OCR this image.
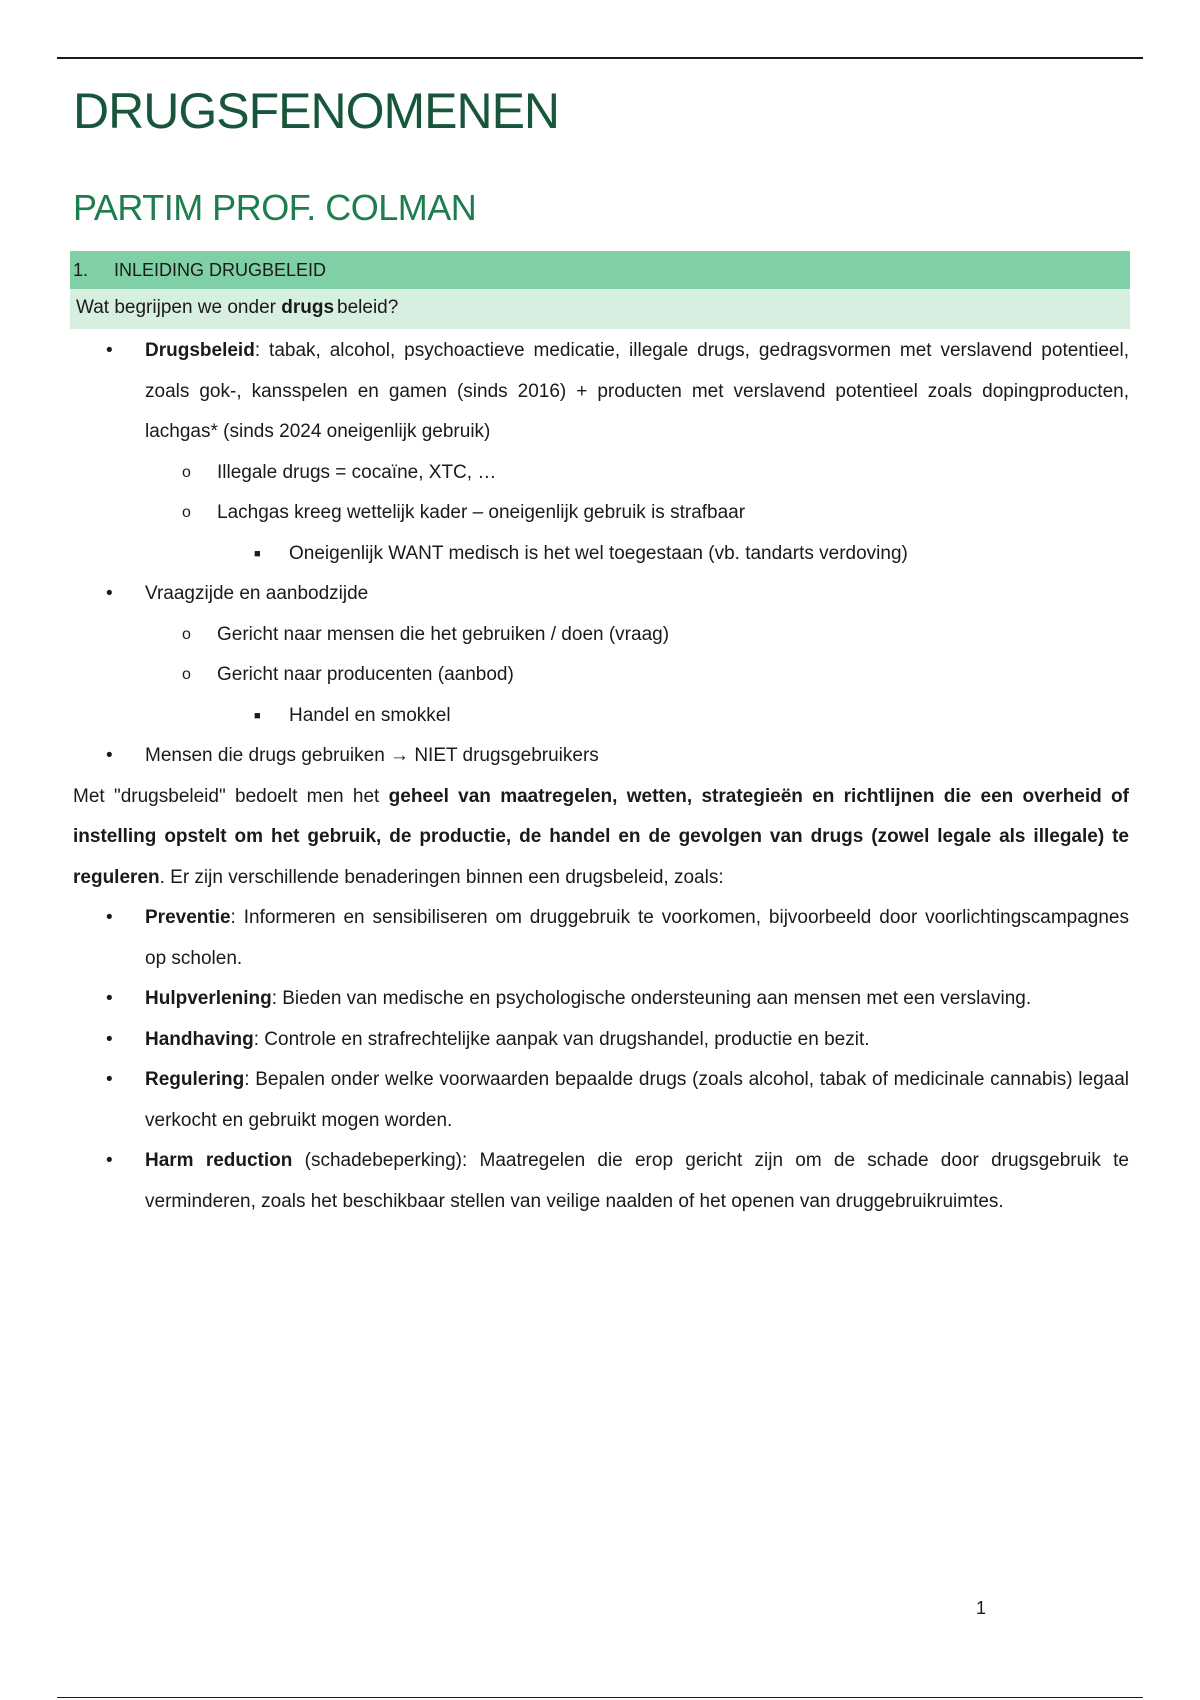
DRUGSFENOMENEN
PARTIM PROF. COLMAN
1. INLEIDING DRUGBELEID
Wat begrijpen we onder drugs beleid?
• Drugsbeleid: tabak, alcohol, psychoactieve medicatie, illegale drugs, gedragsvormen met verslavend potentieel, zoals gok-, kansspelen en gamen (sinds 2016) + producten met verslavend potentieel zoals dopingproducten, lachgas* (sinds 2024 oneigenlijk gebruik)
o Illegale drugs = cocaïne, XTC, …
o Lachgas kreeg wettelijk kader – oneigenlijk gebruik is strafbaar
■ Oneigenlijk WANT medisch is het wel toegestaan (vb. tandarts verdoving)
• Vraagzijde en aanbodzijde
o Gericht naar mensen die het gebruiken / doen (vraag)
o Gericht naar producenten (aanbod)
■ Handel en smokkel
• Mensen die drugs gebruiken → NIET drugsgebruikers

Met "drugsbeleid" bedoelt men het geheel van maatregelen, wetten, strategieën en richtlijnen die een overheid of instelling opstelt om het gebruik, de productie, de handel en de gevolgen van drugs (zowel legale als illegale) te reguleren. Er zijn verschillende benaderingen binnen een drugsbeleid, zoals:

• Preventie: Informeren en sensibiliseren om druggebruik te voorkomen, bijvoorbeeld door voorlichtingscampagnes op scholen.
• Hulpverlening: Bieden van medische en psychologische ondersteuning aan mensen met een verslaving.
• Handhaving: Controle en strafrechtelijke aanpak van drugshandel, productie en bezit.
• Regulering: Bepalen onder welke voorwaarden bepaalde drugs (zoals alcohol, tabak of medicinale cannabis) legaal verkocht en gebruikt mogen worden.
• Harm reduction (schadebeperking): Maatregelen die erop gericht zijn om de schade door drugsgebruik te verminderen, zoals het beschikbaar stellen van veilige naalden of het openen van druggebruikruimtes.
1
